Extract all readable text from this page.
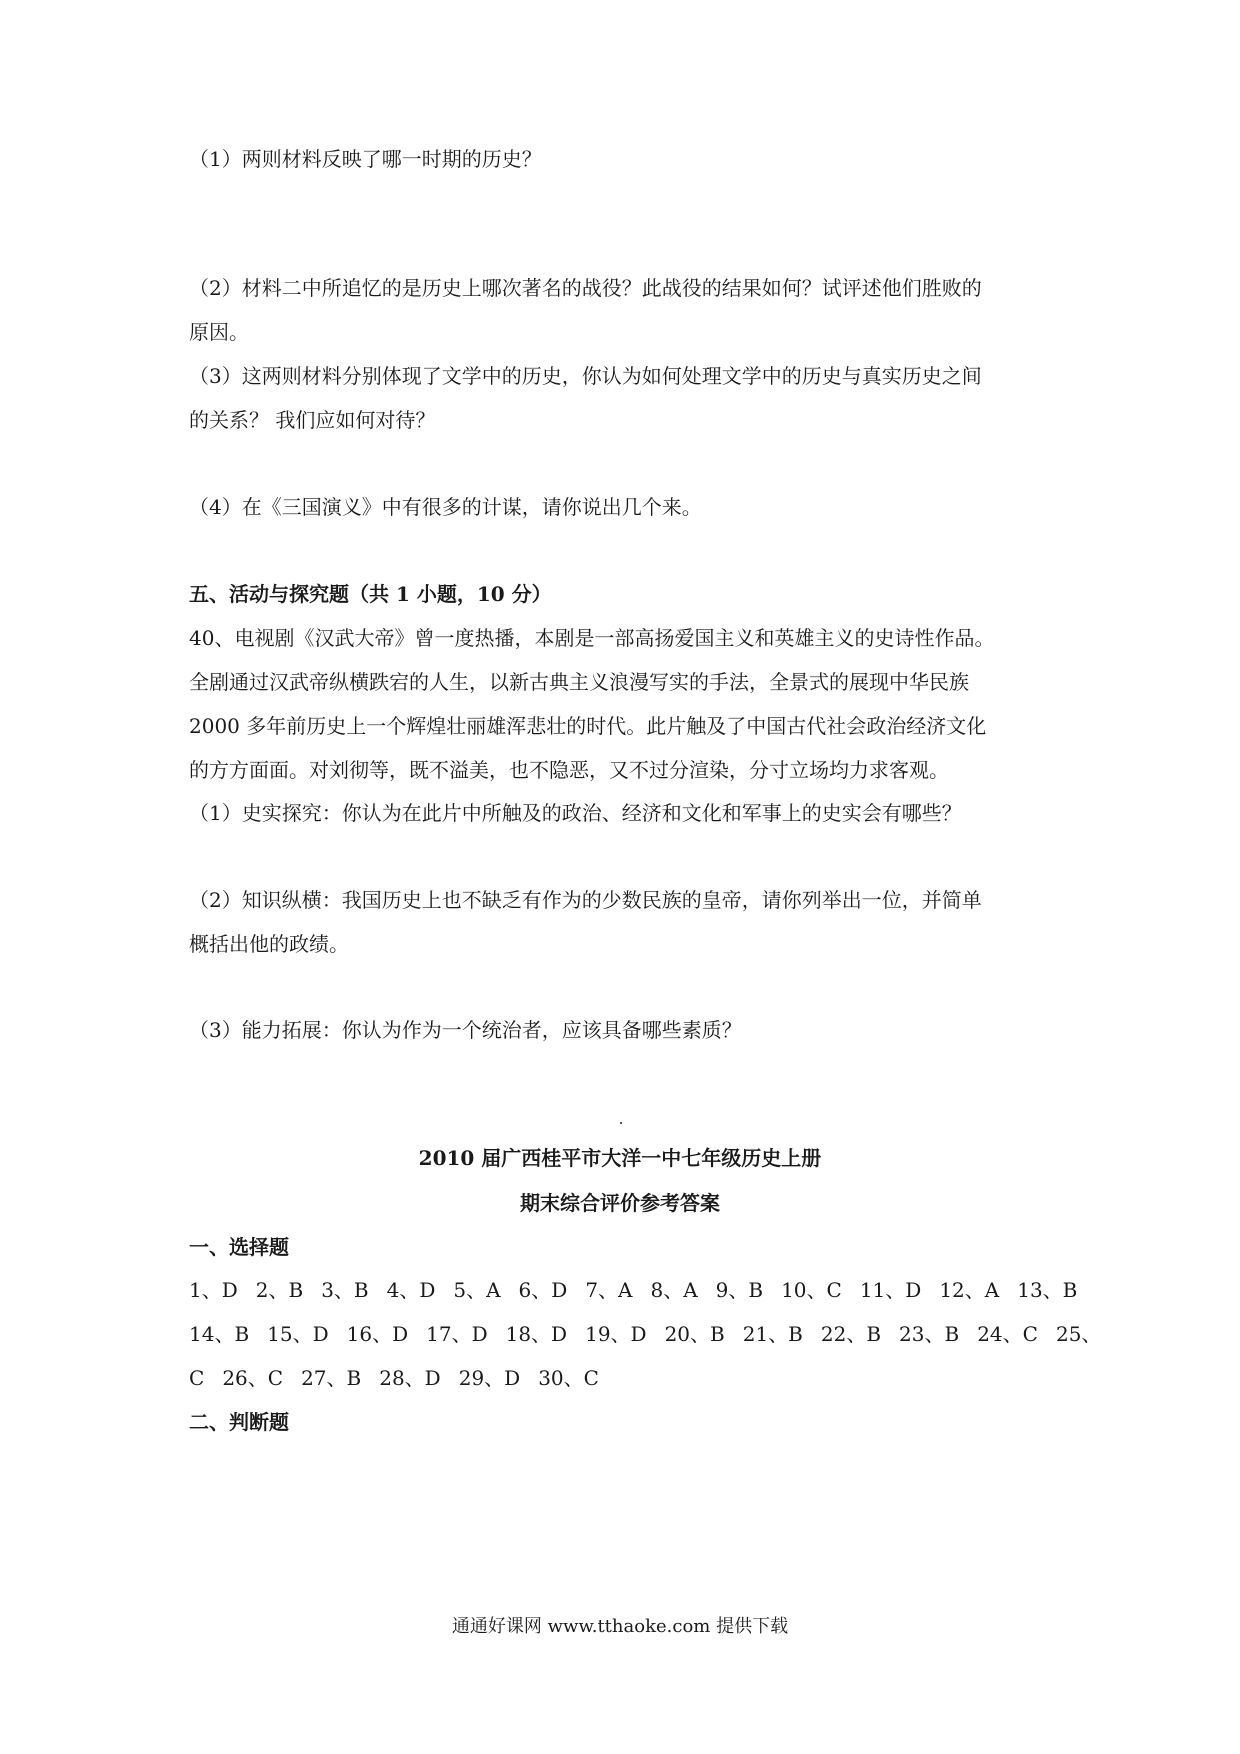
（1）两则材料反映了哪一时期的历史？
（2）材料二中所追忆的是历史上哪次著名的战役？此战役的结果如何？试评述他们胜败的
原因。
（3）这两则材料分别体现了文学中的历史，你认为如何处理文学中的历史与真实历史之间
的关系？ 我们应如何对待？
（4）在《三国演义》中有很多的计谋，请你说出几个来。
五、活动与探究题（共 1 小题，10 分）
40、电视剧《汉武大帝》曾一度热播，本剧是一部高扬爱国主义和英雄主义的史诗性作品。
全剧通过汉武帝纵横跌宕的人生，以新古典主义浪漫写实的手法，全景式的展现中华民族
2000 多年前历史上一个辉煌壮丽雄浑悲壮的时代。此片触及了中国古代社会政治经济文化
的方方面面。对刘彻等，既不溢美，也不隐恶，又不过分渲染，分寸立场均力求客观。
（1）史实探究：你认为在此片中所触及的政治、经济和文化和军事上的史实会有哪些？
（2）知识纵横：我国历史上也不缺乏有作为的少数民族的皇帝，请你列举出一位，并简单
概括出他的政绩。
（3）能力拓展：你认为作为一个统治者，应该具备哪些素质？
2010 届广西桂平市大洋一中七年级历史上册
期末综合评价参考答案
一、选择题
1、D 2、B 3、B 4、D 5、A 6、D 7、A 8、A 9、B 10、C 11、D 12、A 13、B
14、B 15、D 16、D 17、D 18、D 19、D 20、B 21、B 22、B 23、B 24、C 25、
C 26、C 27、B 28、D 29、D 30、C
二、判断题
通通好课网 www.tthaoke.com 提供下载
